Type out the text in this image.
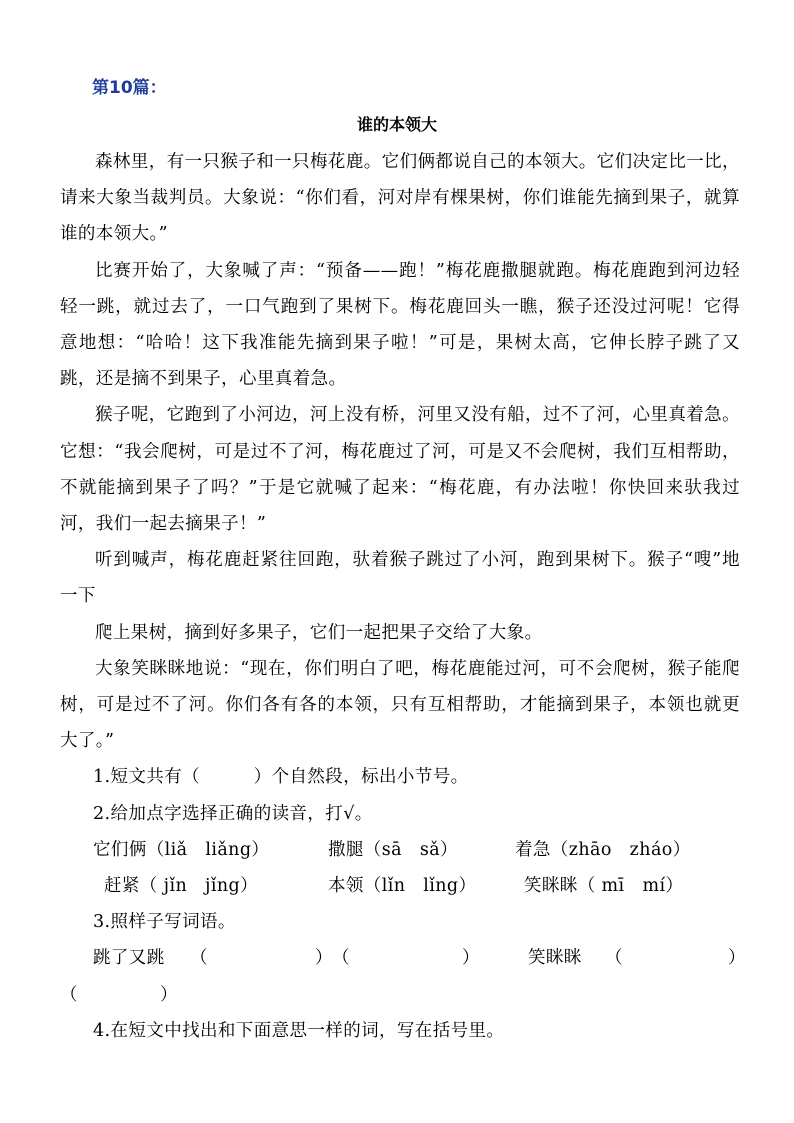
第10篇：
谁的本领大

森林里，有一只猴子和一只梅花鹿。它们俩都说自己的本领大。它们决定比一比，请来大象当裁判员。大象说：“你们看，河对岸有棵果树，你们谁能先摘到果子，就算谁的本领大。”

比赛开始了，大象喊了声：“预备——跑！”梅花鹿撒腿就跑。梅花鹿跑到河边轻轻一跳，就过去了，一口气跑到了果树下。梅花鹿回头一瞧，猴子还没过河呢！它得意地想：“哈哈！这下我准能先摘到果子啦！”可是，果树太高，它伸长脖子跳了又跳，还是摘不到果子，心里真着急。

猴子呢，它跑到了小河边，河上没有桥，河里又没有船，过不了河，心里真着急。它想：“我会爬树，可是过不了河，梅花鹿过了河，可是又不会爬树，我们互相帮助，不就能摘到果子了吗？”于是它就喊了起来：“梅花鹿，有办法啦！你快回来驮我过河，我们一起去摘果子！”

听到喊声，梅花鹿赶紧往回跑，驮着猴子跳过了小河，跑到果树下。猴子“嗖”地一下

爬上果树，摘到好多果子，它们一起把果子交给了大象。

大象笑眯眯地说：“现在，你们明白了吧，梅花鹿能过河，可不会爬树，猴子能爬树，可是过不了河。你们各有各的本领，只有互相帮助，才能摘到果子，本领也就更大了。”

1.短文共有（　　　）个自然段，标出小节号。
2.给加点字选择正确的读音，打√。
它们俩（liǎ　liǎng）	撒腿（sā　sǎ）	着急（zhāo　zháo）
赶紧（ jǐn　jǐng）	本领（lǐn　lǐng）	笑眯眯（ mī　mí）
3.照样子写词语。
跳了又跳 （	） （	）	笑眯眯 （	）
（	）
4.在短文中找出和下面意思一样的词，写在括号里。
